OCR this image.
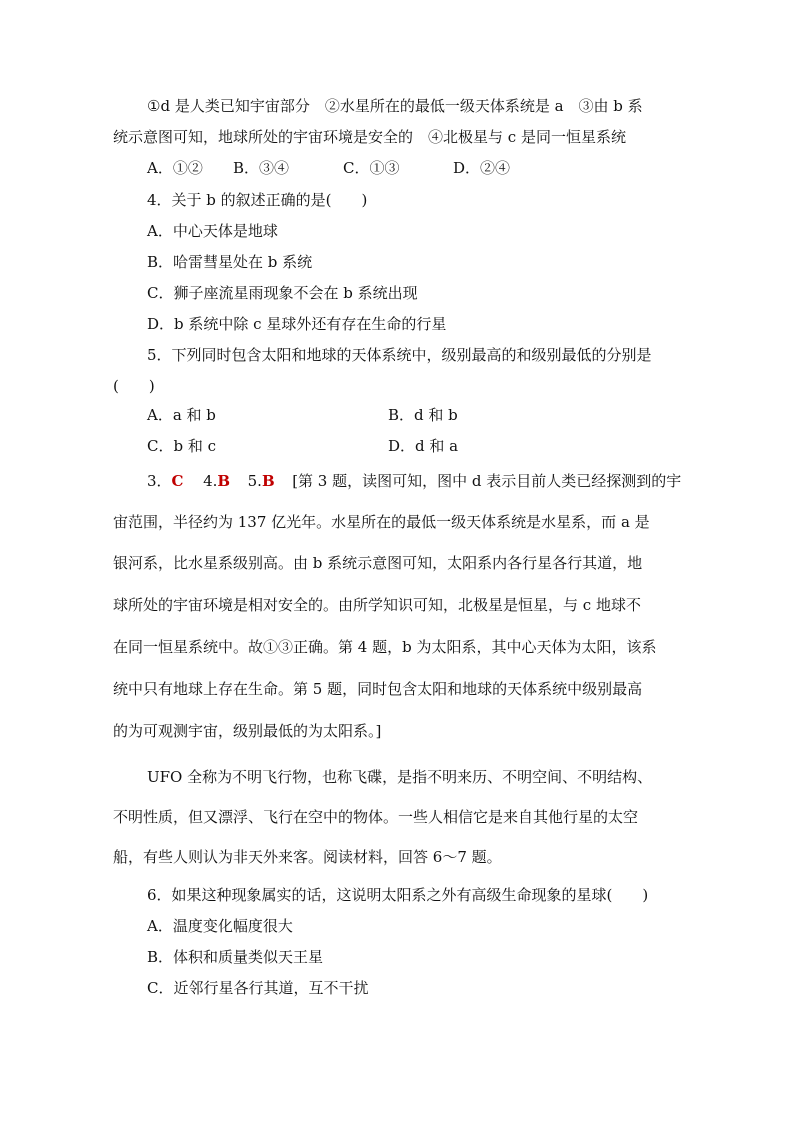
①d 是人类已知宇宙部分　②水星所在的最低一级天体系统是 a　③由 b 系
统示意图可知，地球所处的宇宙环境是安全的　④北极星与 c 是同一恒星系统
A．①② B．③④	C．①③	D．②④
4．关于 b 的叙述正确的是(　　)
A．中心天体是地球
B．哈雷彗星处在 b 系统
C．狮子座流星雨现象不会在 b 系统出现
D．b 系统中除 c 星球外还有存在生命的行星
5．下列同时包含太阳和地球的天体系统中，级别最高的和级别最低的分别是
(　　)
A．a 和 b	B．d 和 b
C．b 和 c	D．d 和 a
3．C 4.B 5.B [第 3 题，读图可知，图中 d 表示目前人类已经探测到的宇
宙范围，半径约为 137 亿光年。水星所在的最低一级天体系统是水星系，而 a 是
银河系，比水星系级别高。由 b 系统示意图可知，太阳系内各行星各行其道，地
球所处的宇宙环境是相对安全的。由所学知识可知，北极星是恒星，与 c 地球不
在同一恒星系统中。故①③正确。第 4 题，b 为太阳系，其中心天体为太阳，该系
统中只有地球上存在生命。第 5 题，同时包含太阳和地球的天体系统中级别最高
的为可观测宇宙，级别最低的为太阳系。]
UFO 全称为不明飞行物，也称飞碟，是指不明来历、不明空间、不明结构、
不明性质，但又漂浮、飞行在空中的物体。一些人相信它是来自其他行星的太空
船，有些人则认为非天外来客。阅读材料，回答 6～7 题。
6．如果这种现象属实的话，这说明太阳系之外有高级生命现象的星球(　　)
A．温度变化幅度很大
B．体积和质量类似天王星
C．近邻行星各行其道，互不干扰
